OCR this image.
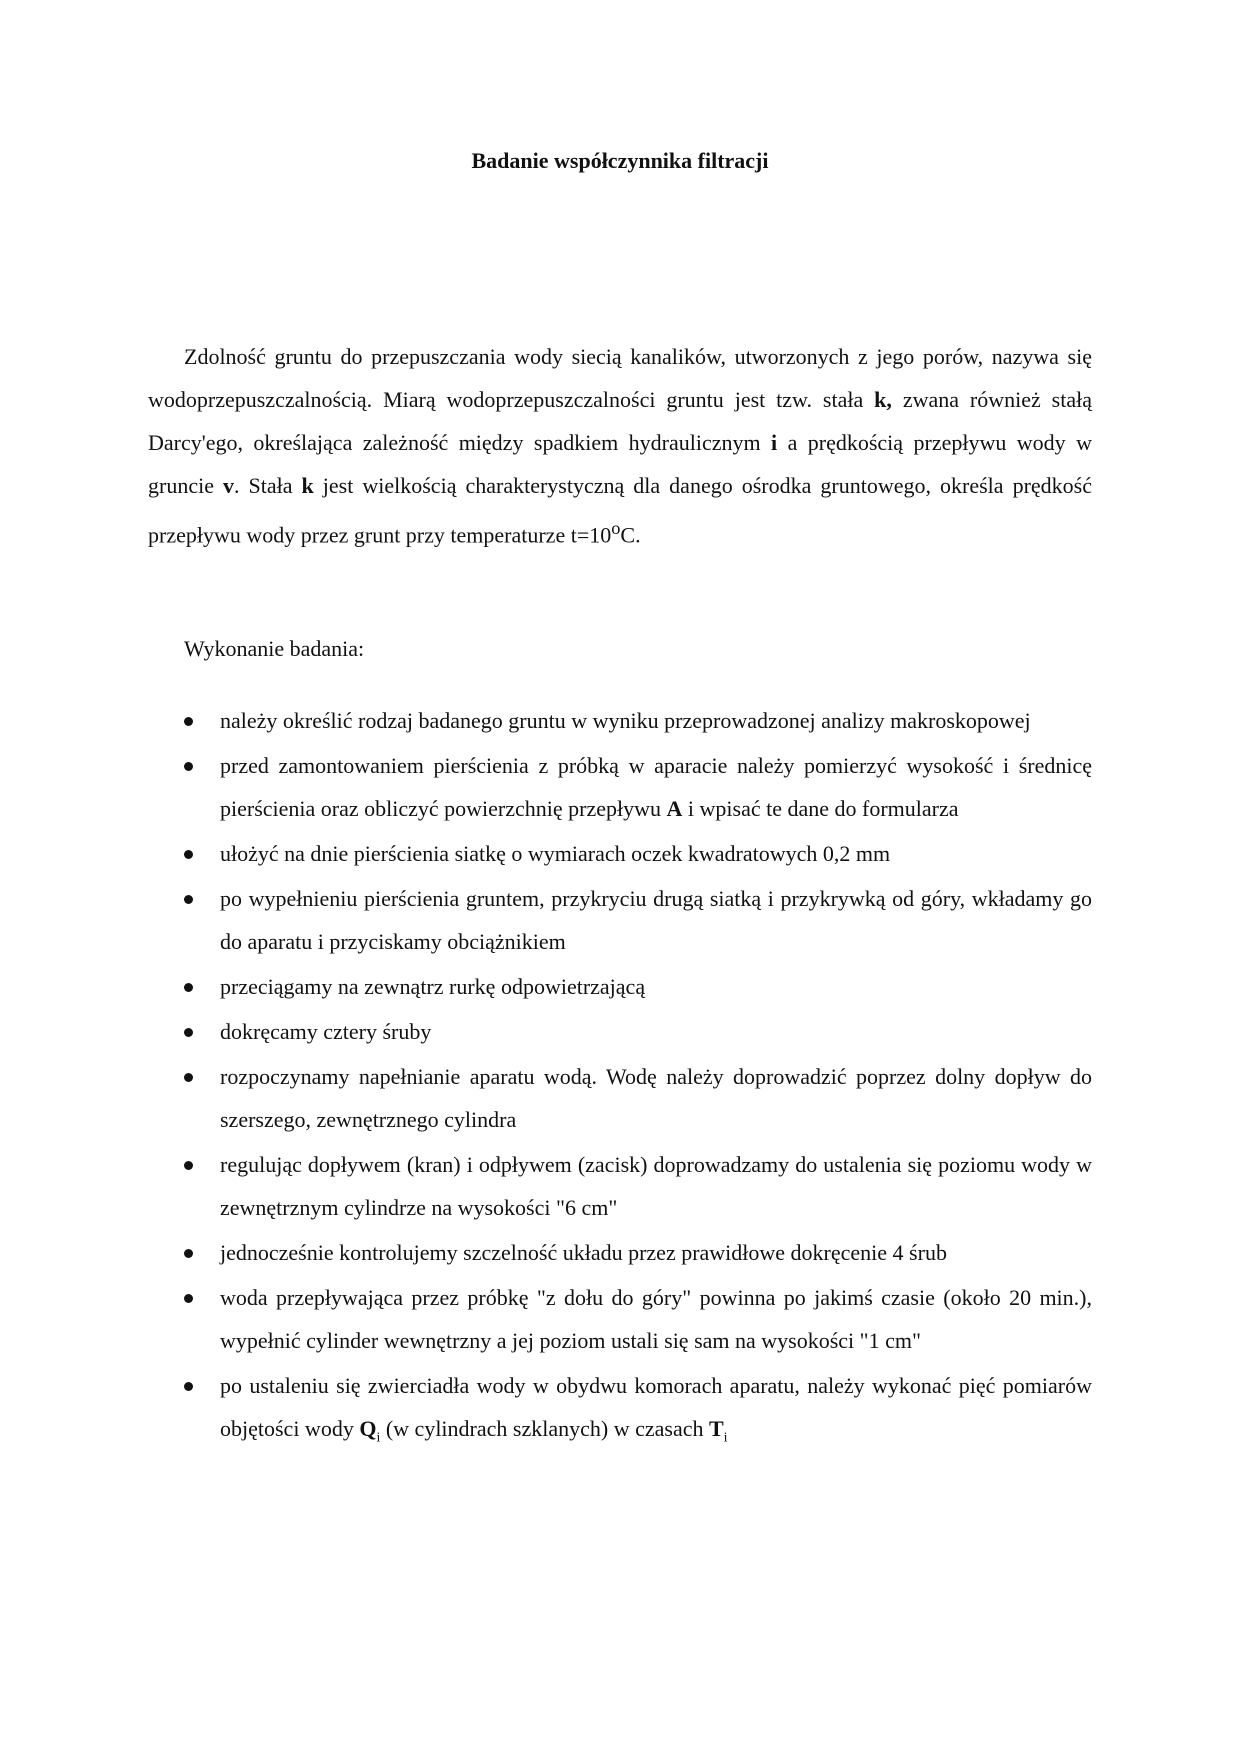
Badanie współczynnika filtracji

Zdolność gruntu do przepuszczania wody siecią kanalików, utworzonych z jego porów, nazywa się wodoprzepuszczalnością. Miarą wodoprzepuszczalności gruntu jest tzw. stała k, zwana również stałą Darcy'ego, określająca zależność między spadkiem hydraulicznym i a prędkością przepływu wody w gruncie v. Stała k jest wielkością charakterystyczną dla danego ośrodka gruntowego, określa prędkość przepływu wody przez grunt przy temperaturze $t=10^oC$.

Wykonanie badania:
należy określić rodzaj badanego gruntu w wyniku przeprowadzonej analizy makroskopowej
przed zamontowaniem pierścienia z próbką w aparacie należy pomierzyć wysokość i średnicę pierścienia oraz obliczyć powierzchnię przepływu A i wpisać te dane do formularza
ułożyć na dnie pierścienia siatkę o wymiarach oczek kwadratowych 0,2 mm
po wypełnieniu pierścienia gruntem, przykryciu drugą siatką i przykrywką od góry, wkładamy go do aparatu i przyciskamy obciążnikiem
przeciągamy na zewnątrz rurkę odpowietrzającą
dokręcamy cztery śruby
rozpoczynamy napełnianie aparatu wodą. Wodę należy doprowadzić poprzez dolny dopływ do szerszego, zewnętrznego cylindra
regulując dopływem (kran) i odpływem (zacisk) doprowadzamy do ustalenia się poziomu wody w zewnętrznym cylindrze na wysokości "6 cm"
jednocześnie kontrolujemy szczelność układu przez prawidłowe dokręcenie 4 śrub
woda przepływająca przez próbkę "z dołu do góry" powinna po jakimś czasie (około 20 min.), wypełnić cylinder wewnętrzny a jej poziom ustali się sam na wysokości "1 cm"
po ustaleniu się zwierciadła wody w obydwu komorach aparatu, należy wykonać pięć pomiarów objętości wody $Q_i$ (w cylindrach szklanych) w czasach $T_i$
